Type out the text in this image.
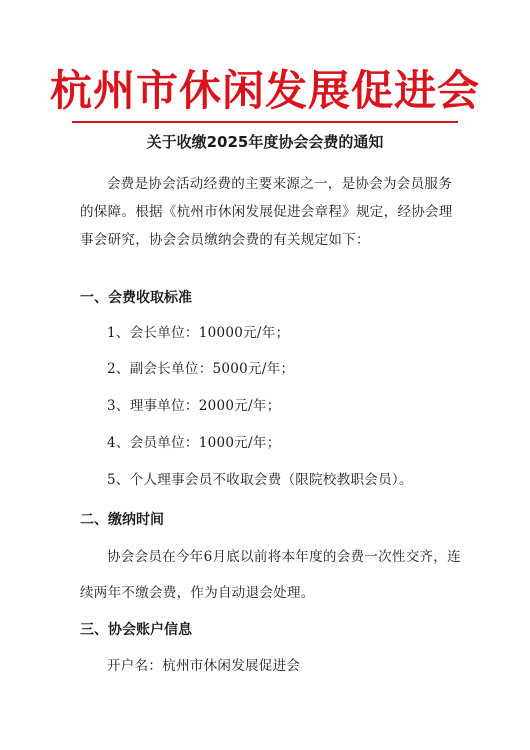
杭州市休闲发展促进会
关于收缴2025年度协会会费的通知

会费是协会活动经费的主要来源之一，是协会为会员服务的保障。根据《杭州市休闲发展促进会章程》规定，经协会理事会研究，协会会员缴纳会费的有关规定如下：

一、会费收取标准
1、会长单位：10000元/年；
2、副会长单位：5000元/年；
3、理事单位：2000元/年；
4、会员单位：1000元/年；
5、个人理事会员不收取会费（限院校教职会员）。
二、缴纳时间

协会会员在今年6月底以前将本年度的会费一次性交齐，连续两年不缴会费，作为自动退会处理。

三、协会账户信息
开户名：杭州市休闲发展促进会
